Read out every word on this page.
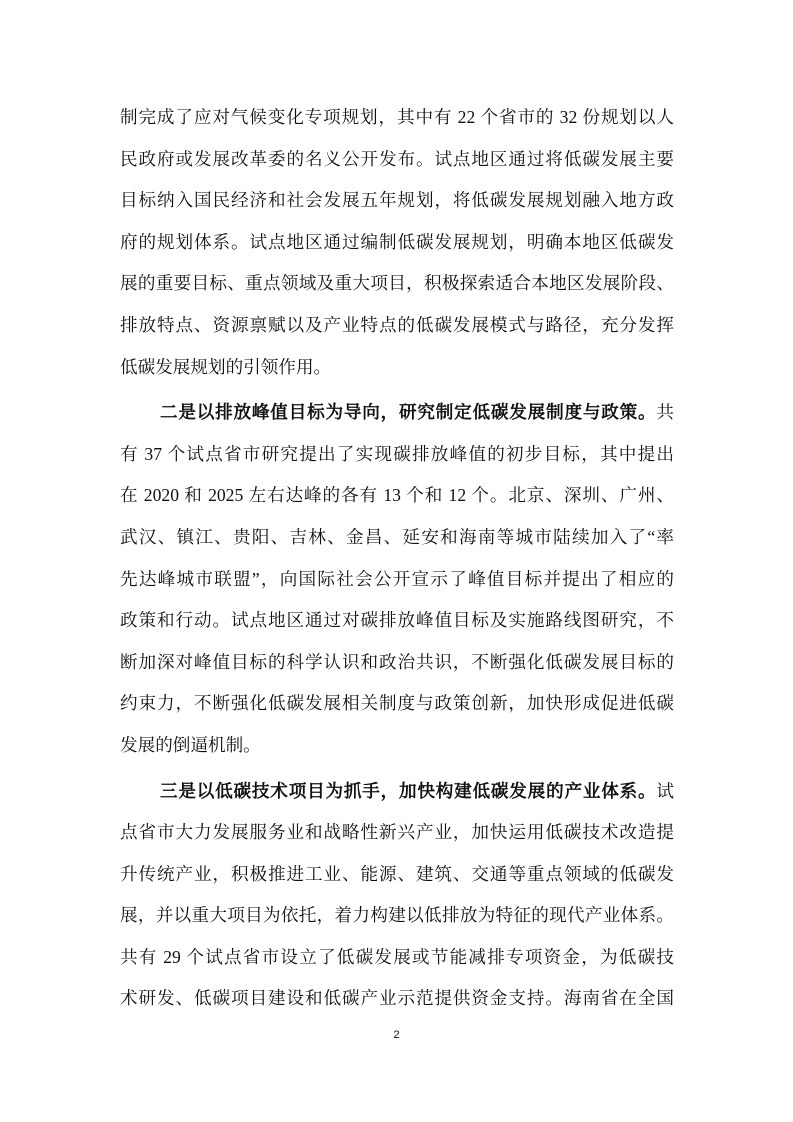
制完成了应对气候变化专项规划，其中有 22 个省市的 32 份规划以人
民政府或发展改革委的名义公开发布。试点地区通过将低碳发展主要
目标纳入国民经济和社会发展五年规划，将低碳发展规划融入地方政
府的规划体系。试点地区通过编制低碳发展规划，明确本地区低碳发
展的重要目标、重点领域及重大项目，积极探索适合本地区发展阶段、
排放特点、资源禀赋以及产业特点的低碳发展模式与路径，充分发挥
低碳发展规划的引领作用。
二是以排放峰值目标为导向，研究制定低碳发展制度与政策。共
有 37 个试点省市研究提出了实现碳排放峰值的初步目标，其中提出
在 2020 和 2025 左右达峰的各有 13 个和 12 个。北京、深圳、广州、
武汉、镇江、贵阳、吉林、金昌、延安和海南等城市陆续加入了“率
先达峰城市联盟”，向国际社会公开宣示了峰值目标并提出了相应的
政策和行动。试点地区通过对碳排放峰值目标及实施路线图研究，不
断加深对峰值目标的科学认识和政治共识，不断强化低碳发展目标的
约束力，不断强化低碳发展相关制度与政策创新，加快形成促进低碳
发展的倒逼机制。
三是以低碳技术项目为抓手，加快构建低碳发展的产业体系。试
点省市大力发展服务业和战略性新兴产业，加快运用低碳技术改造提
升传统产业，积极推进工业、能源、建筑、交通等重点领域的低碳发
展，并以重大项目为依托，着力构建以低排放为特征的现代产业体系。
共有 29 个试点省市设立了低碳发展或节能减排专项资金，为低碳技
术研发、低碳项目建设和低碳产业示范提供资金支持。海南省在全国
2
